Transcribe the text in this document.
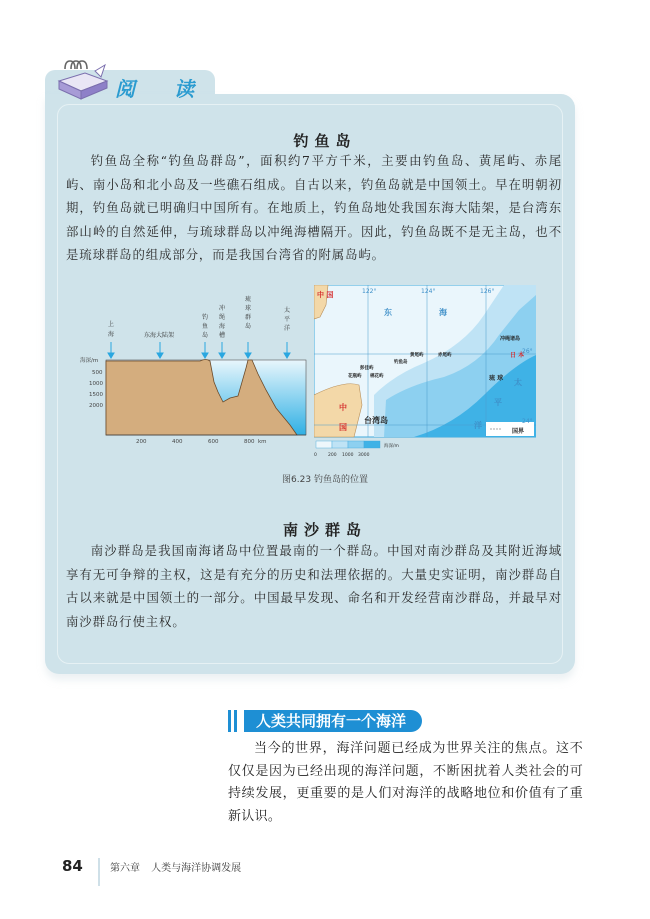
阅 读
钓鱼岛
钓鱼岛全称“钓鱼岛群岛”，面积约7平方千米，主要由钓鱼岛、黄尾屿、赤尾屿、南小岛和北小岛及一些礁石组成。自古以来，钓鱼岛就是中国领土。早在明朝初期，钓鱼岛就已明确归中国所有。在地质上，钓鱼岛地处我国东海大陆架，是台湾东部山岭的自然延伸，与琉球群岛以冲绳海槽隔开。因此，钓鱼岛既不是无主岛，也不是琉球群岛的组成部分，而是我国台湾省的附属岛屿。
海深/m
500
1000
1500
2000
200	400	600	800 km
上
海	东海大陆架
钓
鱼
岛
冲
绳
海
槽
琉
球
群
岛
太
平
洋
122°	124°	126°
26°
24°
中 国
中
国
东	海
台湾岛
钓鱼岛
黄尾屿	赤尾屿
彭佳屿
棉花屿
花瓶屿
冲绳诸岛
日 本
琉 球 太
平
洋
国界
海深/m
0 200 1000 3000
图6.23 钓鱼岛的位置
南沙群岛
南沙群岛是我国南海诸岛中位置最南的一个群岛。中国对南沙群岛及其附近海域享有无可争辩的主权，这是有充分的历史和法理依据的。大量史实证明，南沙群岛自古以来就是中国领土的一部分。中国最早发现、命名和开发经营南沙群岛，并最早对南沙群岛行使主权。
人类共同拥有一个海洋
当今的世界，海洋问题已经成为世界关注的焦点。这不仅仅是因为已经出现的海洋问题，不断困扰着人类社会的可持续发展，更重要的是人们对海洋的战略地位和价值有了重新认识。
84	第六章 人类与海洋协调发展
